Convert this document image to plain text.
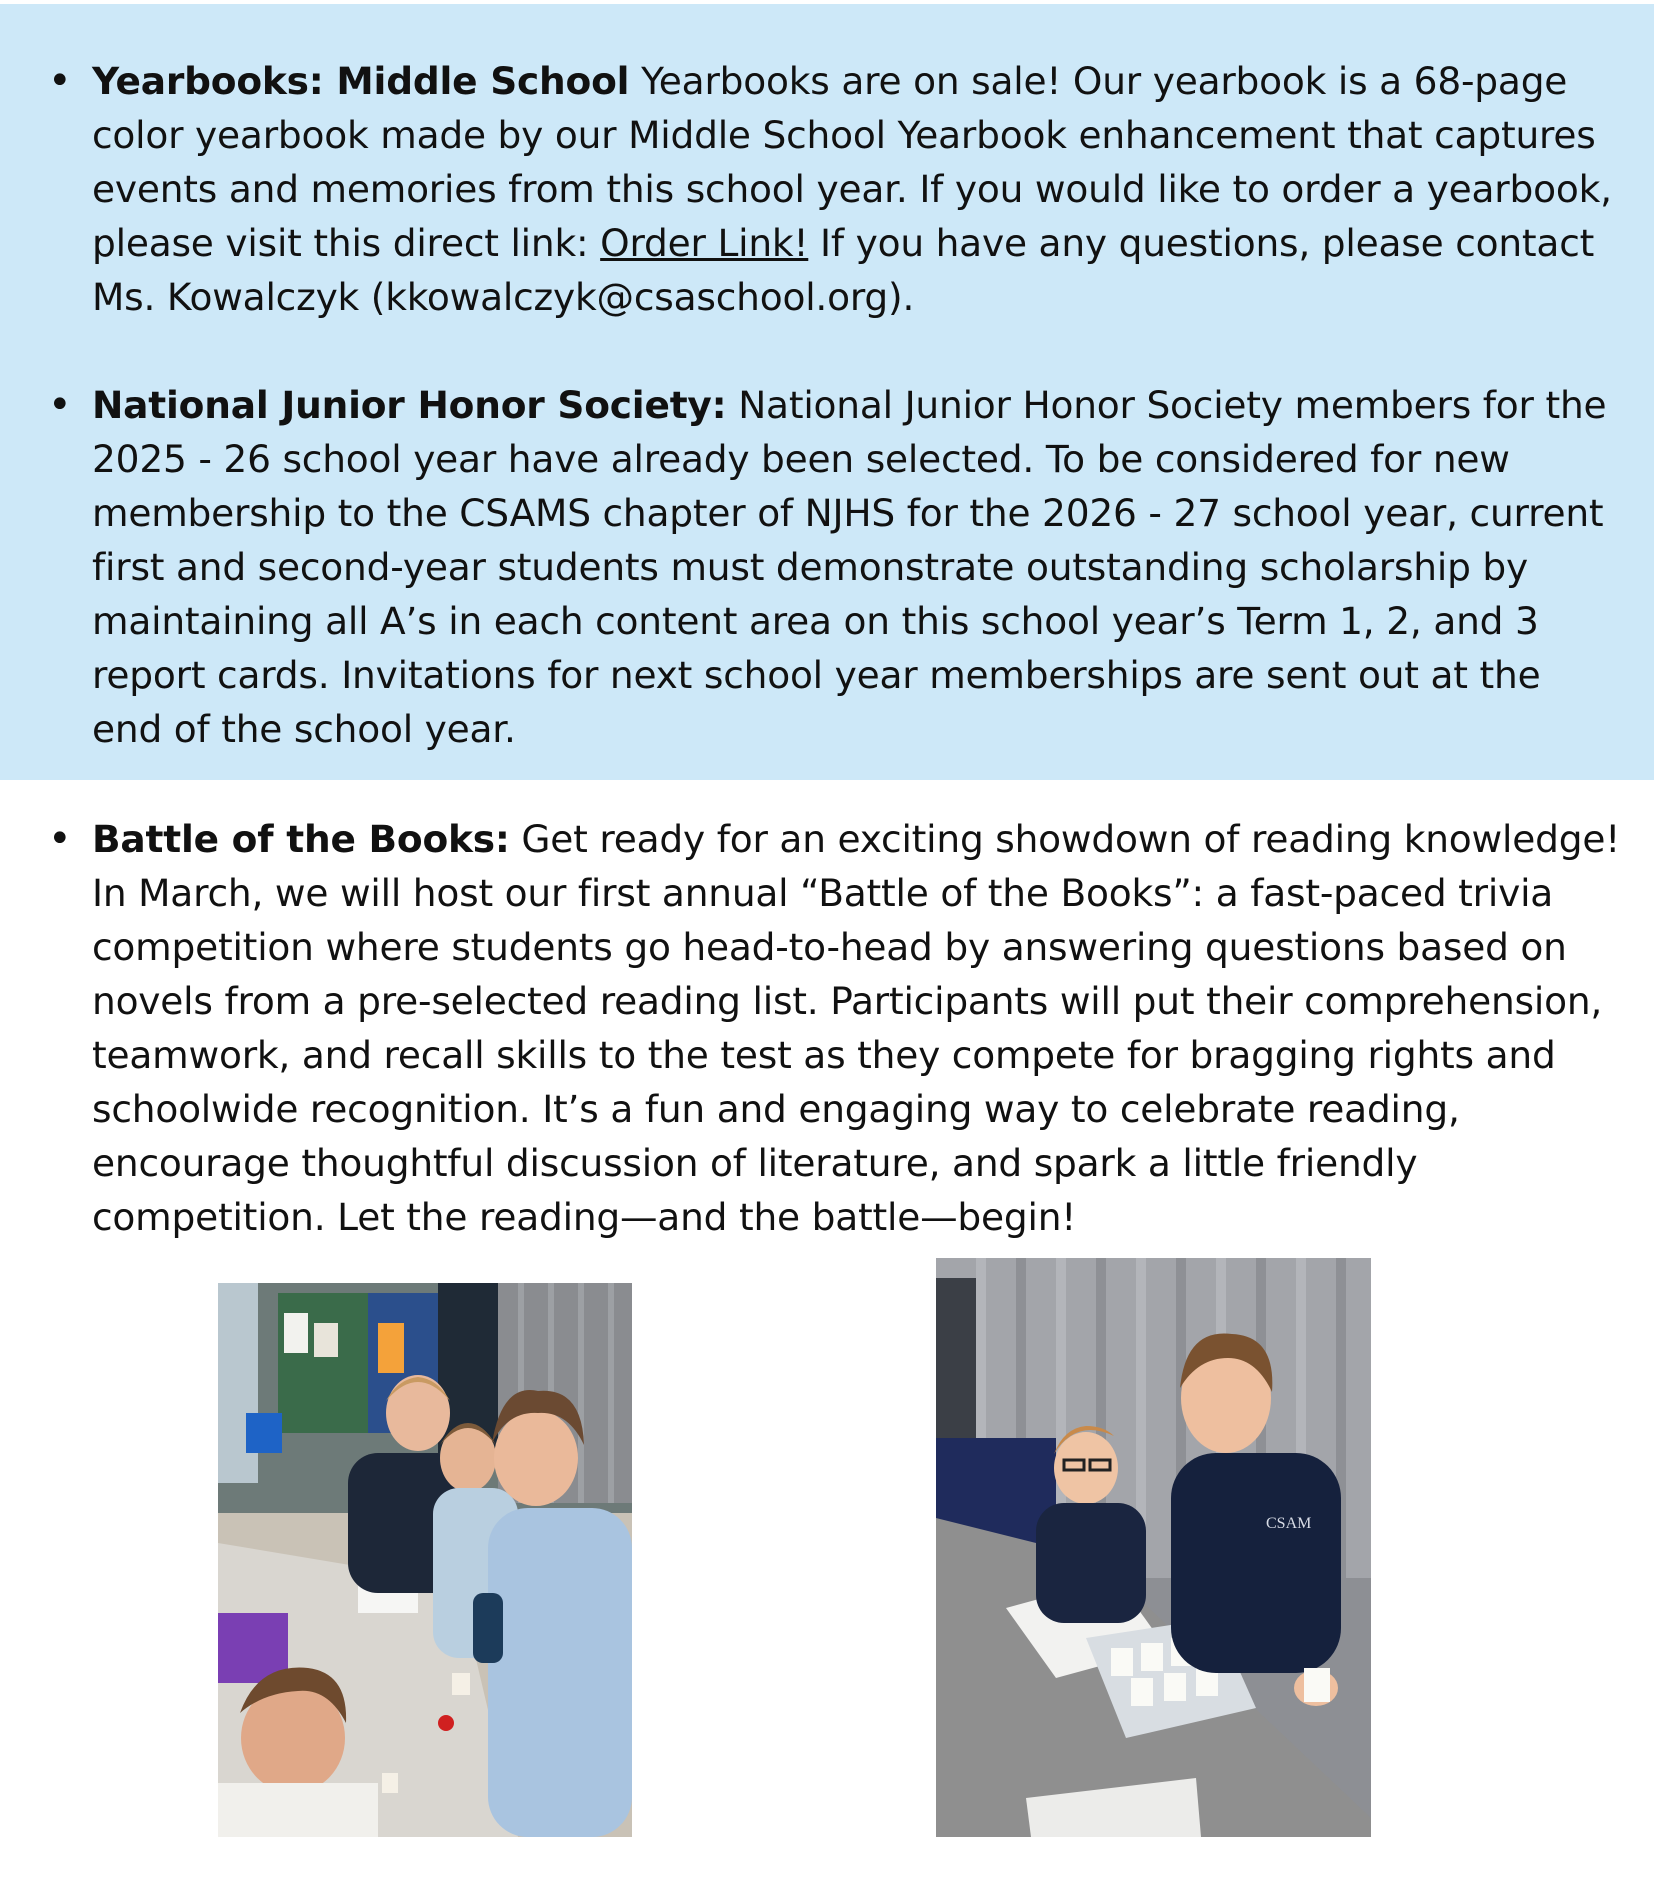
• Yearbooks: Middle School Yearbooks are on sale! Our yearbook is a 68-page color yearbook made by our Middle School Yearbook enhancement that captures events and memories from this school year. If you would like to order a yearbook, please visit this direct link: Order Link! If you have any questions, please contact Ms. Kowalczyk (kkowalczyk@csaschool.org).
• National Junior Honor Society: National Junior Honor Society members for the 2025 - 26 school year have already been selected. To be considered for new membership to the CSAMS chapter of NJHS for the 2026 - 27 school year, current first and second-year students must demonstrate outstanding scholarship by maintaining all A’s in each content area on this school year’s Term 1, 2, and 3 report cards. Invitations for next school year memberships are sent out at the end of the school year.
• Battle of the Books: Get ready for an exciting showdown of reading knowledge! In March, we will host our first annual “Battle of the Books”: a fast-paced trivia competition where students go head-to-head by answering questions based on novels from a pre-selected reading list. Participants will put their comprehension, teamwork, and recall skills to the test as they compete for bragging rights and schoolwide recognition. It’s a fun and engaging way to celebrate reading, encourage thoughtful discussion of literature, and spark a little friendly competition. Let the reading—and the battle—begin!
CSAM
